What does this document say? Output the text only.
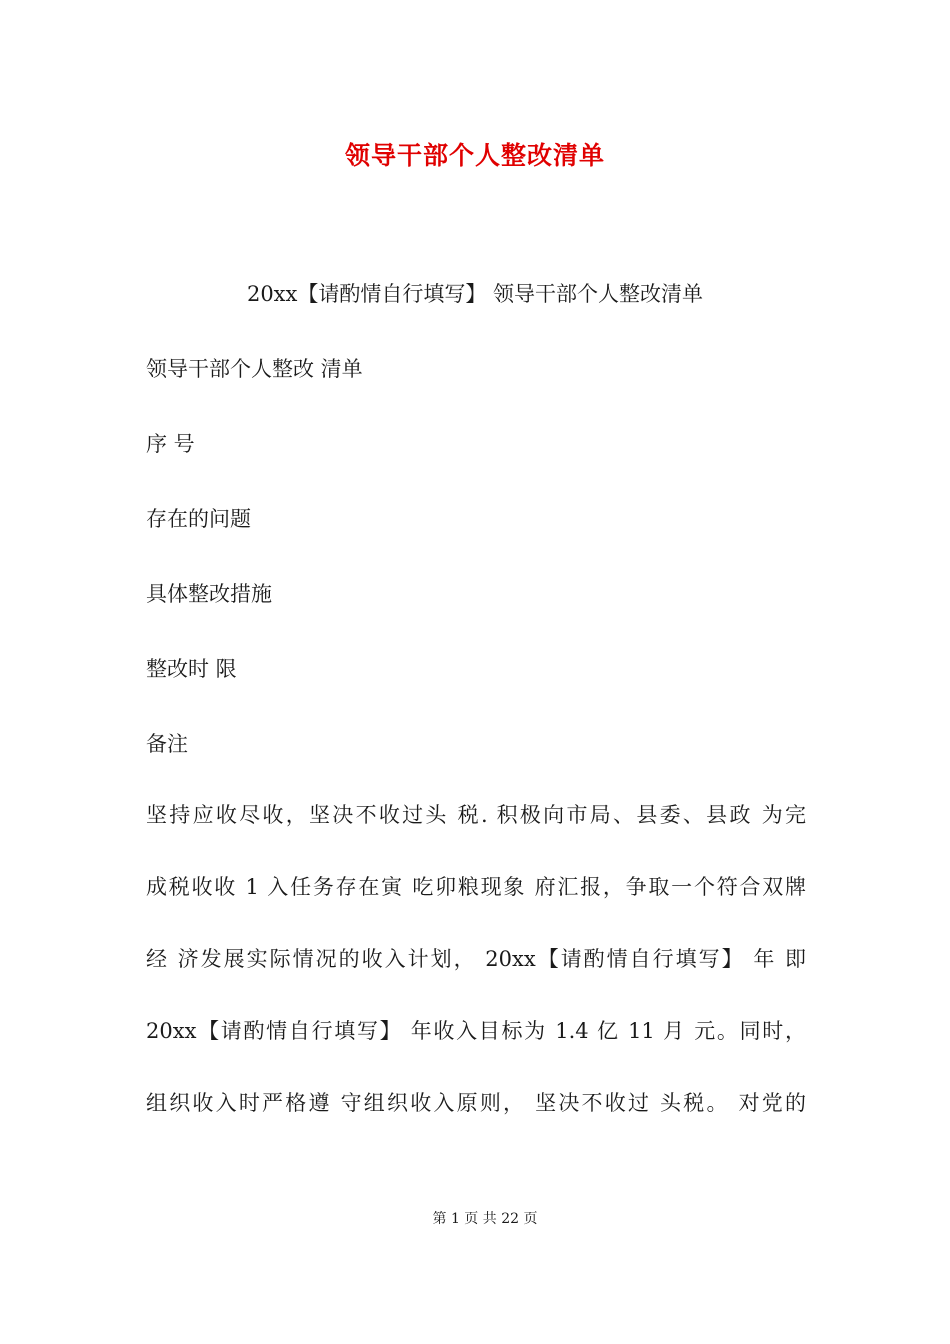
领导干部个人整改清单
20xx【请酌情自行填写】 领导干部个人整改清单
领导干部个人整改 清单
序 号
存在的问题
具体整改措施
整改时 限
备注
坚持应收尽收，坚决不收过头 税. 积极向市局、县委、县政 为完
成税收收 1 入任务存在寅 吃卯粮现象 府汇报，争取一个符合双牌
经 济发展实际情况的收入计划， 20xx【请酌情自行填写】 年 即
20xx【请酌情自行填写】 年收入目标为 1.4 亿 11 月 元。同时，
组织收入时严格遵 守组织收入原则， 坚决不收过 头税。 对党的
第 1 页 共 22 页
